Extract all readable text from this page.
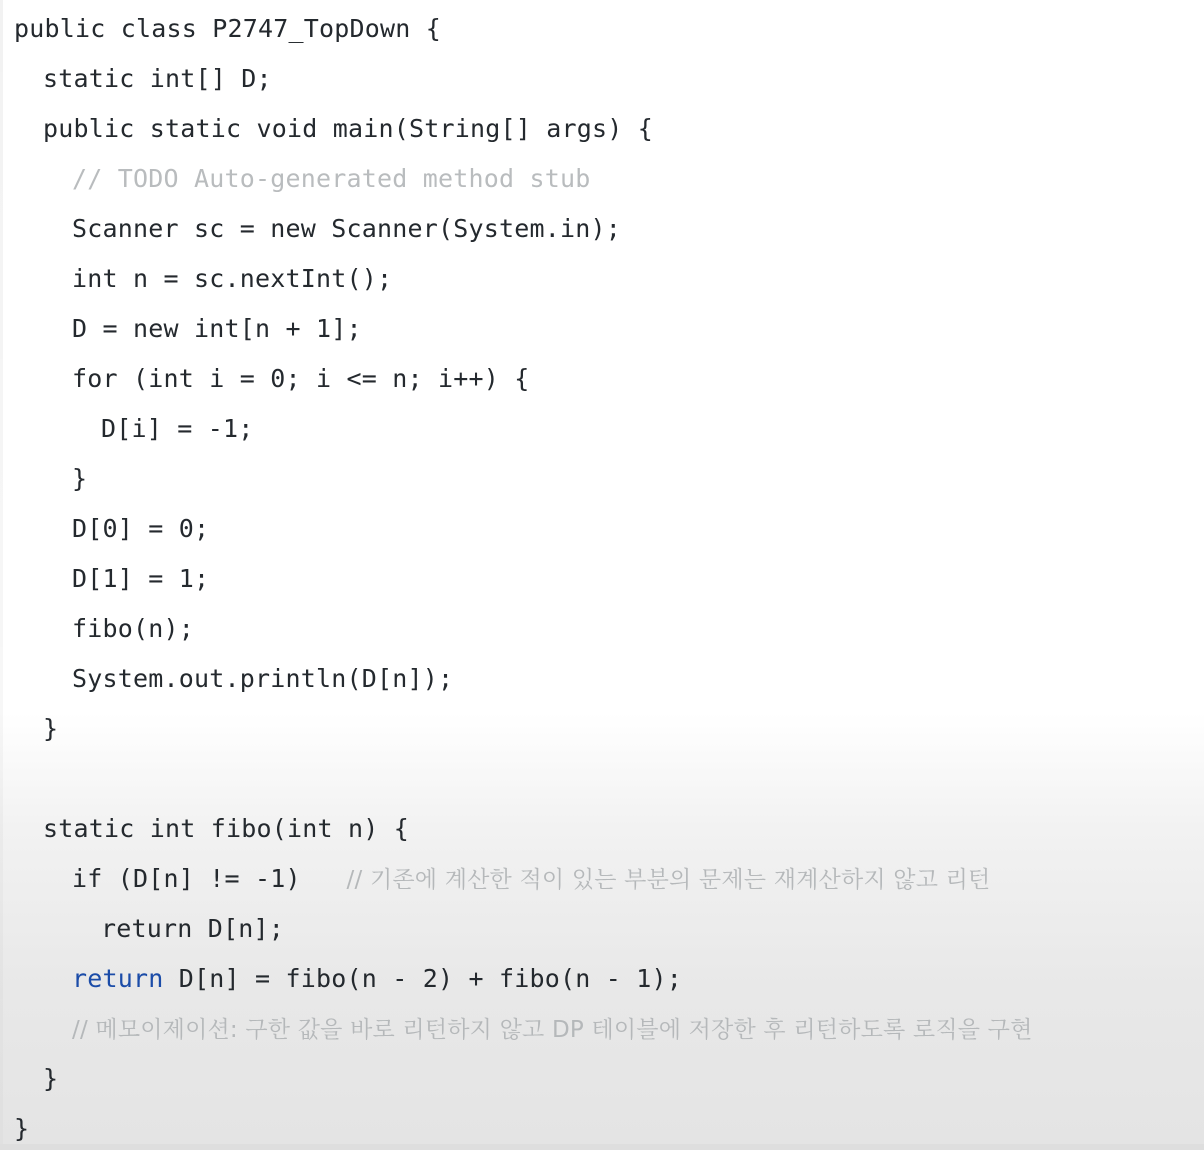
public class P2747_TopDown {
static int[] D;
public static void main(String[] args) {
// TODO Auto-generated method stub
Scanner sc = new Scanner(System.in);
int n = sc.nextInt();
D = new int[n + 1];
for (int i = 0; i <= n; i++) {
D[i] = -1;
}
D[0] = 0;
D[1] = 1;
fibo(n);
System.out.println(D[n]);
}

static int fibo(int n) {
if (D[n] != -1)   // 기존에 계산한 적이 있는 부분의 문제는 재계산하지 않고 리턴
return D[n];
return D[n] = fibo(n - 2) + fibo(n - 1);
// 메모이제이션: 구한 값을 바로 리턴하지 않고 DP 테이블에 저장한 후 리턴하도록 로직을 구현
}
}
